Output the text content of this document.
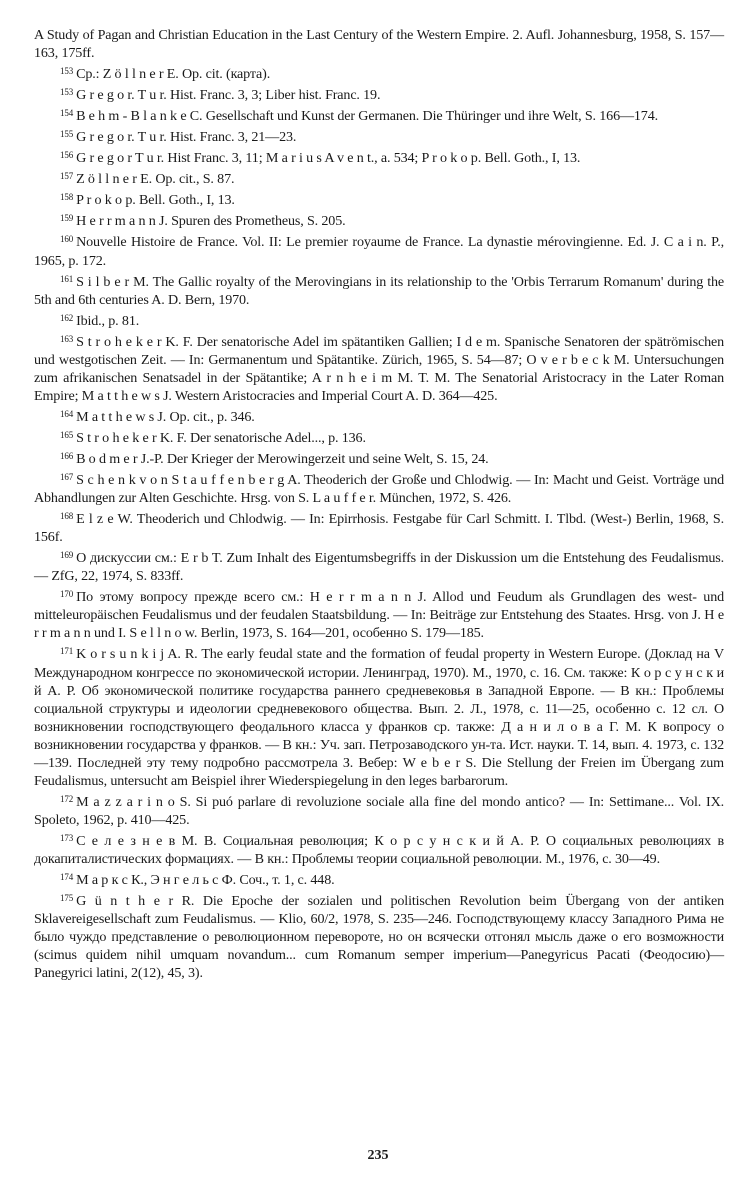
A Study of Pagan and Christian Education in the Last Century of the Western Empire. 2. Aufl. Johannesburg, 1958, S. 157—163, 175ff.

$^{153}$ Cp.: Z ö l l n e r E. Op. cit. (карта).

$^{153}$ G r e g o r. T u r. Hist. Franc. 3, 3; Liber hist. Franc. 19.

$^{154}$ B e h m - B l a n k e C. Gesellschaft und Kunst der Germanen. Die Thüringer und ihre Welt, S. 166—174.

$^{155}$ G r e g o r. T u r. Hist. Franc. 3, 21—23.

$^{156}$ G r e g o r T u r. Hist Franc. 3, 11; M a r i u s A v e n t., a. 534; P r o k o p. Bell. Goth., I, 13.

$^{157}$ Z ö l l n e r E. Op. cit., S. 87.

$^{158}$ P r o k o p. Bell. Goth., I, 13.

$^{159}$ H e r r m a n n J. Spuren des Prometheus, S. 205.

$^{160}$ Nouvelle Histoire de France. Vol. II: Le premier royaume de France. La dynastie mérovingienne. Ed. J. C a i n. P., 1965, p. 172.

$^{161}$ S i l b e r M. The Gallic royalty of the Merovingians in its relationship to the 'Orbis Terrarum Romanum' during the 5th and 6th centuries A. D. Bern, 1970.

$^{162}$ Ibid., p. 81.

$^{163}$ S t r o h e k e r K. F. Der senatorische Adel im spätantiken Gallien; I d e m. Spanische Senatoren der spätrömischen und westgotischen Zeit. — In: Germanentum und Spätantike. Zürich, 1965, S. 54—87; O v e r b e c k M. Untersuchungen zum afrikanischen Senatsadel in der Spätantike; A r n h e i m M. T. M. The Senatorial Aristocracy in the Later Roman Empire; M a t t h e w s J. Western Aristocracies and Imperial Court A. D. 364—425.

$^{164}$ M a t t h e w s J. Op. cit., p. 346.

$^{165}$ S t r o h e k e r K. F. Der senatorische Adel..., p. 136.

$^{166}$ B o d m e r J.-P. Der Krieger der Merowingerzeit und seine Welt, S. 15, 24.

$^{167}$ S c h e n k v o n S t a u f f e n b e r g A. Theoderich der Große und Chlodwig. — In: Macht und Geist. Vorträge und Abhandlungen zur Alten Geschichte. Hrsg. von S. L a u f f e r. München, 1972, S. 426.

$^{168}$ E l z e W. Theoderich und Chlodwig. — In: Epirrhosis. Festgabe für Carl Schmitt. I. Tlbd. (West-) Berlin, 1968, S. 156f.

$^{169}$ О дискуссии см.: E r b T. Zum Inhalt des Eigentumsbegriffs in der Diskussion um die Entstehung des Feudalismus. — ZfG, 22, 1974, S. 833ff.

$^{170}$ По этому вопросу прежде всего см.: H e r r m a n n J. Allod und Feudum als Grundlagen des west- und mitteleuropäischen Feudalismus und der feudalen Staatsbildung. — In: Beiträge zur Entstehung des Staates. Hrsg. von J. H e r r m a n n und I. S e l l n o w. Berlin, 1973, S. 164—201, особенно S. 179—185.

$^{171}$ K o r s u n k i j A. R. The early feudal state and the formation of feudal property in Western Europe. (Доклад на V Международном конгрессе по экономической истории. Ленинград, 1970). M., 1970, c. 16. См. также: К о р с у н с к и й А. Р. Об экономической политике государства раннего средневековья в Западной Европе. — В кн.: Проблемы социальной структуры и идеологии средневекового общества. Вып. 2. Л., 1978, c. 11—25, особенно c. 12 сл. О возникновении господствующего феодального класса у франков ср. также: Д а н и л о в а Г. М. К вопросу о возникновении государства у франков. — В кн.: Уч. зап. Петрозаводского ун-та. Ист. науки. Т. 14, вып. 4. 1973, c. 132—139. Последней эту тему подробно рассмотрела З. Вебер: W e b e r S. Die Stellung der Freien im Übergang zum Feudalismus, untersucht am Beispiel ihrer Wiederspiegelung in den leges barbarorum.

$^{172}$ M a z z a r i n o S. Si puó parlare di revoluzione sociale alla fine del mondo antico? — In: Settimane... Vol. IX. Spoleto, 1962, p. 410—425.

$^{173}$ С е л е з н е в М. В. Социальная революция; К о р с у н с к и й А. Р. О социальных революциях в докапиталистических формациях. — В кн.: Проблемы теории социальной революции. М., 1976, c. 30—49.

$^{174}$ М а р к с К., Э н г е л ь с Ф. Соч., т. 1, c. 448.

$^{175}$ G ü n t h e r R. Die Epoche der sozialen und politischen Revolution beim Übergang von der antiken Sklavereigesellschaft zum Feudalismus. — Klio, 60/2, 1978, S. 235—246. Господствующему классу Западного Рима не было чуждо представление о революционном перевороте, но он всячески отгонял мысль даже о его возможности (scimus quidem nihil umquam novandum... cum Romanum semper imperium—Panegyricus Pacati (Феодосию)—Panegyrici latini, 2(12), 45, 3).

235
